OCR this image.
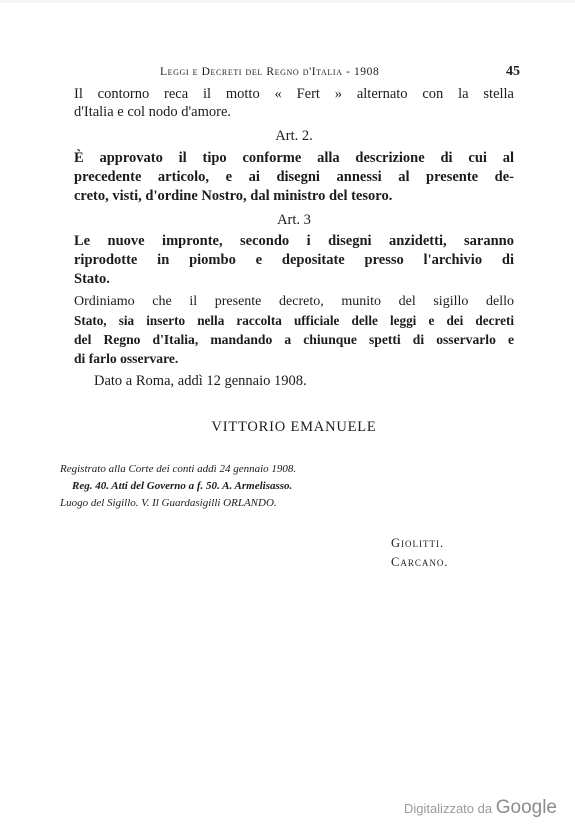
Leggi e Decreti del Regno d'Italia - 1908	45
Il contorno reca il motto « Fert » alternato con la stella
d'Italia e col nodo d'amore.
Art. 2.
È approvato il tipo conforme alla descrizione di cui al
precedente articolo, e ai disegni annessi al presente de-
creto, visti, d'ordine Nostro, dal ministro del tesoro.
Art. 3
Le nuove impronte, secondo i disegni anzidetti, saranno
riprodotte in piombo e depositate presso l'archivio di
Stato.
Ordiniamo che il presente decreto, munito del sigillo dello
Stato, sia inserto nella raccolta ufficiale delle leggi e dei decreti
del Regno d'Italia, mandando a chiunque spetti di osservarlo e
di farlo osservare.
Dato a Roma, addì 12 gennaio 1908.
VITTORIO EMANUELE
Registrato alla Corte dei conti addì 24 gennaio 1908.
Reg. 40. Atti del Governo a f. 50. A. Armelisasso.
Luogo del Sigillo. V. Il Guardasigilli ORLANDO.
Giolitti.
Carcano.
Digitalizzato da Google
